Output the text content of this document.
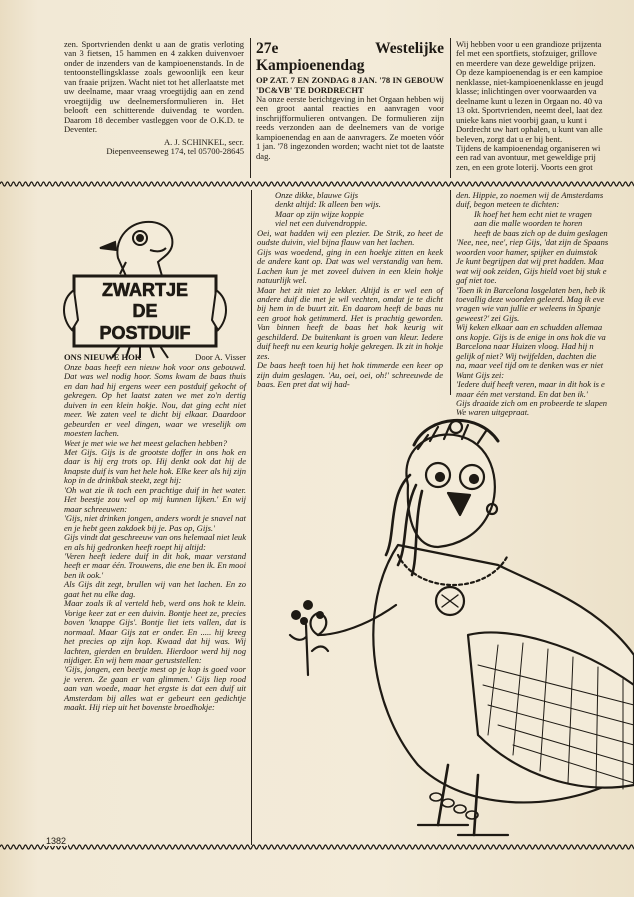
zen. Sportvrienden denkt u aan de gratis verloting van 3 fietsen, 15 hammen en 4 zakken duivenvoer onder de inzenders van de kampioenenstands. In de tentoonstellingsklasse zoals gewoonlijk een keur van fraaie prijzen. Wacht niet tot het allerlaatste met uw deelname, maar vraag vroegtijdig aan en zend vroegtijdig uw deelnemersformulieren in. Het belooft een schitterende duivendag te worden. Daarom 18 december vastleggen voor de O.K.D. te Deventer.

A. J. SCHINKEL, secr.

Diepenveenseweg 174, tel 05700-28645

27e Westelijke Kampioenendag

OP ZAT. 7 EN ZONDAG 8 JAN. '78 IN GEBOUW 'DC&VB' TE DORDRECHT

Na onze eerste berichtgeving in het Orgaan hebben wij een groot aantal reacties en aanvragen voor inschrijfformulieren ontvangen. De formulieren zijn reeds verzonden aan de deelnemers van de vorige kampioenendag en aan de aanvragers. Ze moeten vóór 1 jan. '78 ingezonden worden; wacht niet tot de laatste dag.

Wij hebben voor u een grandioze prijzenta
fel met een sportfiets, stofzuiger, grillove
en meerdere van deze geweldige prijzen.
Op deze kampioenendag is er een kampioe
nenklasse, niet-kampioenenklasse en jeugd
klasse; inlichtingen over voorwaarden va
deelname kunt u lezen in Orgaan no. 40 va
13 okt. Sportvrienden, neemt deel, laat dez
unieke kans niet voorbij gaan, u kunt i
Dordrecht uw hart ophalen, u kunt van alle
beleven, zorgt dat u er bij bent.
Tijdens de kampioenendag organiseren wi
een rad van avontuur, met geweldige prij
zen, en een grote loterij. Voorts een grot
ZWARTJE
DE
POSTDUIF
Door A. Visser
ONS NIEUWE HOK

Onze baas heeft een nieuw hok voor ons gebouwd. Dat was wel nodig hoor. Soms kwam de baas thuis en dan had hij ergens weer een postduif gekocht of gekregen. Op het laatst zaten we met zo'n dertig duiven in een klein hokje. Nou, dat ging echt niet meer. We zaten veel te dicht bij elkaar. Daardoor gebeurden er veel dingen, waar we vreselijk om moesten lachen.

Weet je met wie we het meest gelachen hebben?

Met Gijs. Gijs is de grootste doffer in ons hok en daar is hij erg trots op. Hij denkt ook dat hij de knapste duif is van het hele hok. Elke keer als hij zijn kop in de drinkbak steekt, zegt hij:

'Oh wat zie ik toch een prachtige duif in het water. Het beestje zou wel op mij kunnen lijken.' En wij maar schreeuwen:

'Gijs, niet drinken jongen, anders wordt je snavel nat en je hebt geen zakdoek bij je. Pas op, Gijs.'

Gijs vindt dat geschreeuw van ons helemaal niet leuk en als hij gedronken heeft roept hij altijd:

'Veren heeft iedere duif in dit hok, maar verstand heeft er maar één. Trouwens, die ene ben ik. En mooi ben ik ook.'

Als Gijs dit zegt, brullen wij van het lachen. En zo gaat het nu elke dag.

Maar zoals ik al verteld heb, werd ons hok te klein. Vorige keer zat er een duivin. Bontje heet ze, precies boven 'knappe Gijs'. Bontje liet iets vallen, dat is normaal. Maar Gijs zat er onder. En ..... hij kreeg het precies op zijn kop. Kwaad dat hij was. Wij lachten, gierden en brulden. Hierdoor werd hij nog nijdiger. En wij hem maar geruststellen:

'Gijs, jongen, een beetje mest op je kop is goed voor je veren. Ze gaan er van glimmen.' Gijs liep rood aan van woede, maar het ergste is dat een duif uit Amsterdam bij alles wat er gebeurt een gedichtje maakt. Hij riep uit het bovenste broedhokje:

Onze dikke, blauwe Gijs
denkt altijd: Ik alleen ben wijs.
Maar op zijn wijze koppie
viel net een duivendroppie.

Oei, wat hadden wij een plezier. De Strik, zo heet de oudste duivin, viel bijna flauw van het lachen.

Gijs was woedend, ging in een hoekje zitten en keek de andere kant op. Dat was wel verstandig van hem. Lachen kun je met zoveel duiven in een klein hokje natuurlijk wel.

Maar het zit niet zo lekker. Altijd is er wel een of andere duif die met je wil vechten, omdat je te dicht bij hem in de buurt zit. En daarom heeft de baas nu een groot hok getimmerd. Het is prachtig geworden. Van binnen heeft de baas het hok keurig wit geschilderd. De buitenkant is groen van kleur. Iedere duif heeft nu een keurig hokje gekregen. Ik zit in hokje zes.

De baas heeft toen hij het hok timmerde een keer op zijn duim geslagen. 'Au, oei, oei, oh!' schreeuwde de baas. Een pret dat wij had-

den. Hippie, zo noemen wij de Amsterdams
duif, begon meteen te dichten:
Ik hoef het hem echt niet te vragen
aan die malle woorden te horen
heeft de baas zich op de duim geslagen
'Nee, nee, nee', riep Gijs, 'dat zijn de Spaans
woorden voor hamer, spijker en duimstok
Je kunt begrijpen dat wij pret hadden. Maa
wat wij ook zeiden, Gijs hield voet bij stuk e
gaf niet toe.
'Toen ik in Barcelona losgelaten ben, heb ik
toevallig deze woorden geleerd. Mag ik eve
vragen wie van jullie er weleens in Spanje
geweest?' zei Gijs.
Wij keken elkaar aan en schudden allemaa
ons kopje. Gijs is de enige in ons hok die va
Barcelona naar Huizen vloog. Had hij n
gelijk of niet? Wij twijfelden, dachten die
na, maar veel tijd om te denken was er niet
Want Gijs zei:
'Iedere duif heeft veren, maar in dit hok is e
maar één met verstand. En dat ben ik.'
Gijs draaide zich om en probeerde te slapen
We waren uitgepraat.
1382
